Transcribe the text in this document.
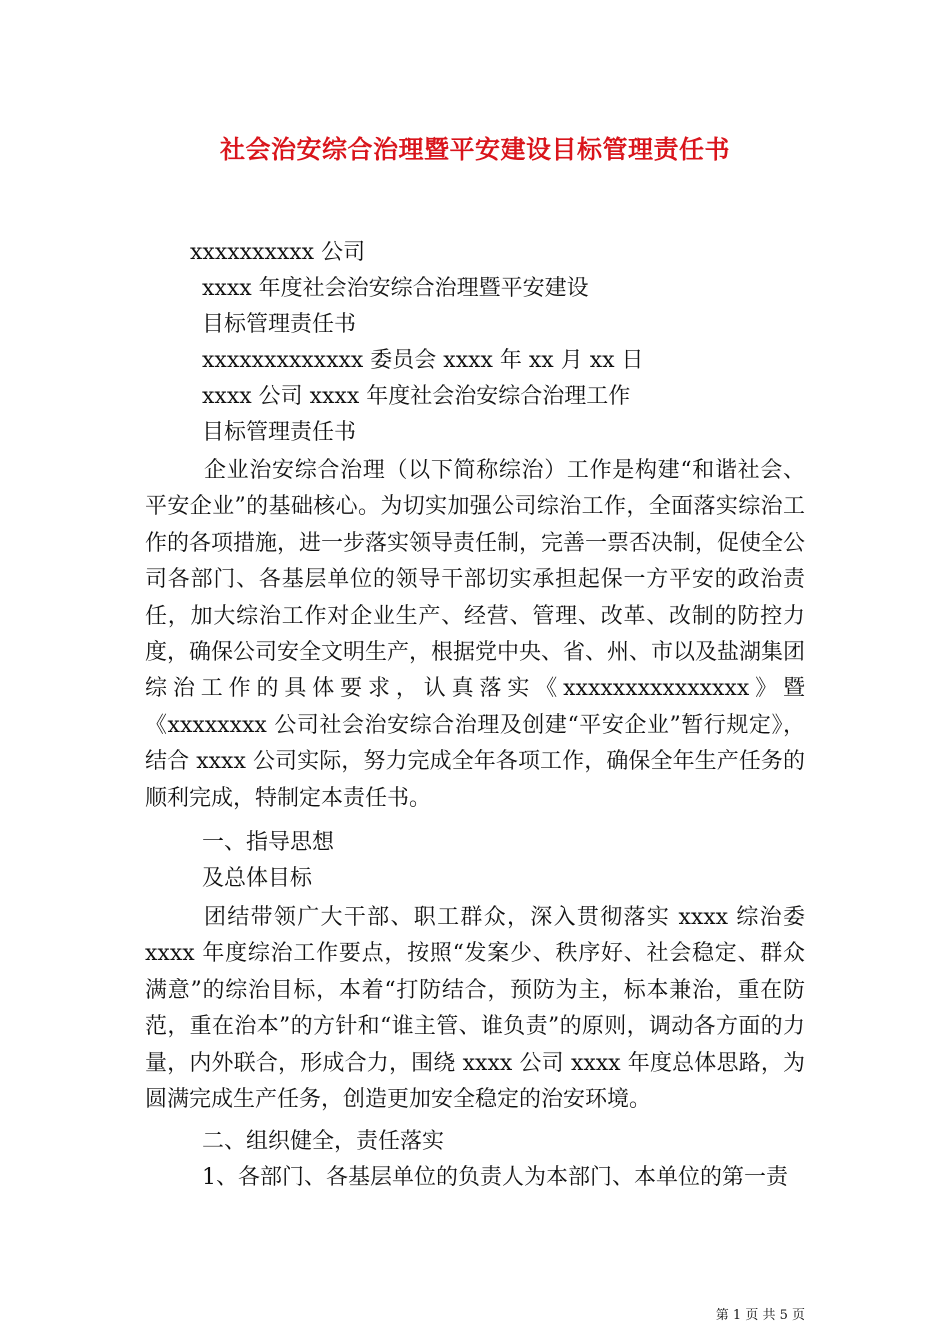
社会治安综合治理暨平安建设目标管理责任书
xxxxxxxxxx 公司
xxxx 年度社会治安综合治理暨平安建设
目标管理责任书
xxxxxxxxxxxxx 委员会 xxxx 年 xx 月 xx 日
xxxx 公司 xxxx 年度社会治安综合治理工作
目标管理责任书

企业治安综合治理（以下简称综治）工作是构建“和谐社会、平安企业”的基础核心。为切实加强公司综治工作，全面落实综治工作的各项措施，进一步落实领导责任制，完善一票否决制，促使全公司各部门、各基层单位的领导干部切实承担起保一方平安的政治责任，加大综治工作对企业生产、经营、管理、改革、改制的防控力度，确保公司安全文明生产，根据党中央、省、州、市以及盐湖集团综治工作的具体要求，认真落实《xxxxxxxxxxxxxxx》暨《xxxxxxxx 公司社会治安综合治理及创建“平安企业”暂行规定》，结合 xxxx 公司实际，努力完成全年各项工作，确保全年生产任务的顺利完成，特制定本责任书。

一、指导思想
及总体目标

团结带领广大干部、职工群众，深入贯彻落实 xxxx 综治委 xxxx 年度综治工作要点，按照“发案少、秩序好、社会稳定、群众满意”的综治目标，本着“打防结合，预防为主，标本兼治，重在防范，重在治本”的方针和“谁主管、谁负责”的原则，调动各方面的力量，内外联合，形成合力，围绕 xxxx 公司 xxxx 年度总体思路，为圆满完成生产任务，创造更加安全稳定的治安环境。

二、组织健全，责任落实
1、各部门、各基层单位的负责人为本部门、本单位的第一责
第 1 页 共 5 页
